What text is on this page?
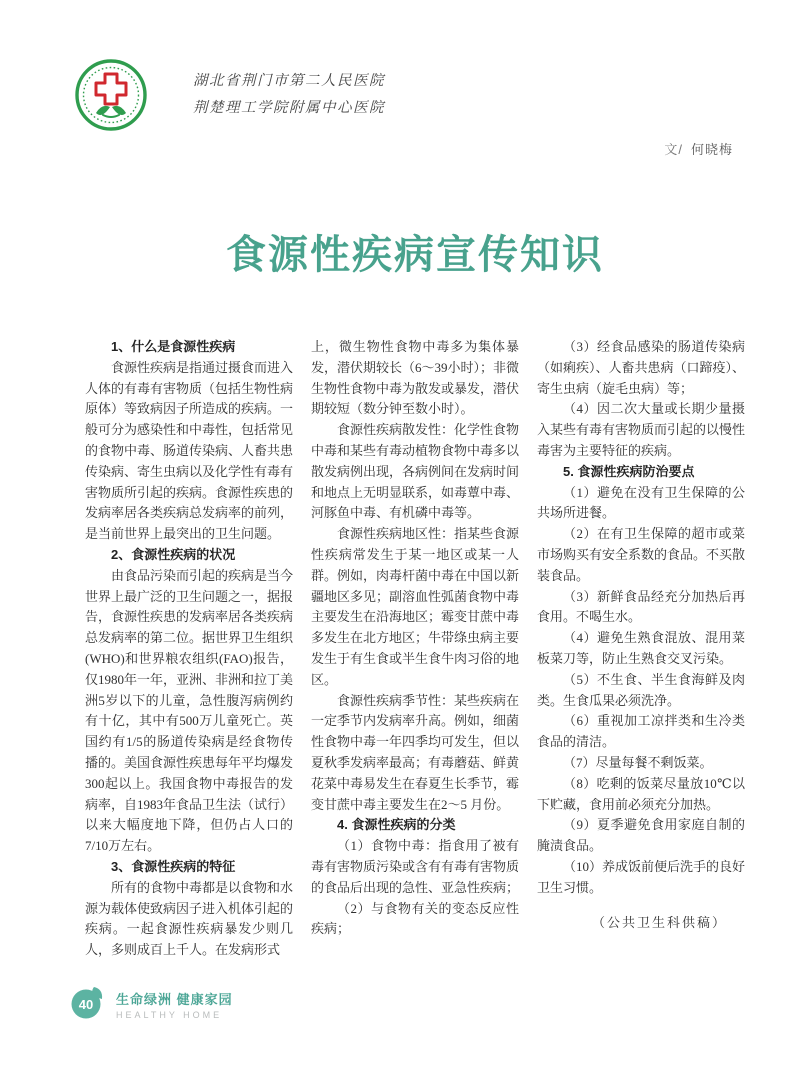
湖北省荆门市第二人民医院
荆楚理工学院附属中心医院
文/ 何晓梅
食源性疾病宣传知识

1、什么是食源性疾病

食源性疾病是指通过摄食而进入人体的有毒有害物质（包括生物性病原体）等致病因子所造成的疾病。一般可分为感染性和中毒性，包括常见的食物中毒、肠道传染病、人畜共患传染病、寄生虫病以及化学性有毒有害物质所引起的疾病。食源性疾患的发病率居各类疾病总发病率的前列，是当前世界上最突出的卫生问题。

2、食源性疾病的状况

由食品污染而引起的疾病是当今世界上最广泛的卫生问题之一，据报告，食源性疾患的发病率居各类疾病总发病率的第二位。据世界卫生组织(WHO)和世界粮农组织(FAO)报告，仅1980年一年，亚洲、非洲和拉丁美洲5岁以下的儿童，急性腹泻病例约有十亿，其中有500万儿童死亡。英国约有1/5的肠道传染病是经食物传播的。美国食源性疾患每年平均爆发300起以上。我国食物中毒报告的发病率，自1983年食品卫生法（试行）以来大幅度地下降，但仍占人口的7/10万左右。

3、食源性疾病的特征

所有的食物中毒都是以食物和水源为载体使致病因子进入机体引起的疾病。一起食源性疾病暴发少则几人，多则成百上千人。在发病形式

上，微生物性食物中毒多为集体暴发，潜伏期较长（6～39小时）；非微生物性食物中毒为散发或暴发，潜伏期较短（数分钟至数小时）。

食源性疾病散发性：化学性食物中毒和某些有毒动植物食物中毒多以散发病例出现，各病例间在发病时间和地点上无明显联系，如毒蕈中毒、河豚鱼中毒、有机磷中毒等。

食源性疾病地区性：指某些食源性疾病常发生于某一地区或某一人群。例如，肉毒杆菌中毒在中国以新疆地区多见；副溶血性弧菌食物中毒主要发生在沿海地区；霉变甘蔗中毒多发生在北方地区；牛带绦虫病主要发生于有生食或半生食牛肉习俗的地区。

食源性疾病季节性：某些疾病在一定季节内发病率升高。例如，细菌性食物中毒一年四季均可发生，但以夏秋季发病率最高；有毒蘑菇、鲜黄花菜中毒易发生在春夏生长季节，霉变甘蔗中毒主要发生在2～5 月份。

4. 食源性疾病的分类

（1）食物中毒：指食用了被有毒有害物质污染或含有有毒有害物质的食品后出现的急性、亚急性疾病；

（2）与食物有关的变态反应性疾病；

（3）经食品感染的肠道传染病（如痢疾）、人畜共患病（口蹄疫）、寄生虫病（旋毛虫病）等；

（4）因二次大量或长期少量摄入某些有毒有害物质而引起的以慢性毒害为主要特征的疾病。

5. 食源性疾病防治要点

（1）避免在没有卫生保障的公共场所进餐。

（2）在有卫生保障的超市或菜市场购买有安全系数的食品。不买散装食品。

（3）新鲜食品经充分加热后再食用。不喝生水。

（4）避免生熟食混放、混用菜板菜刀等，防止生熟食交叉污染。

（5）不生食、半生食海鲜及肉类。生食瓜果必须洗净。

（6）重视加工凉拌类和生冷类食品的清洁。

（7）尽量每餐不剩饭菜。

（8）吃剩的饭菜尽量放10℃以下贮藏，食用前必须充分加热。

（9）夏季避免食用家庭自制的腌渍食品。

（10）养成饭前便后洗手的良好卫生习惯。

（公共卫生科供稿）

40 生命绿洲 健康家园
HEALTHY HOME
